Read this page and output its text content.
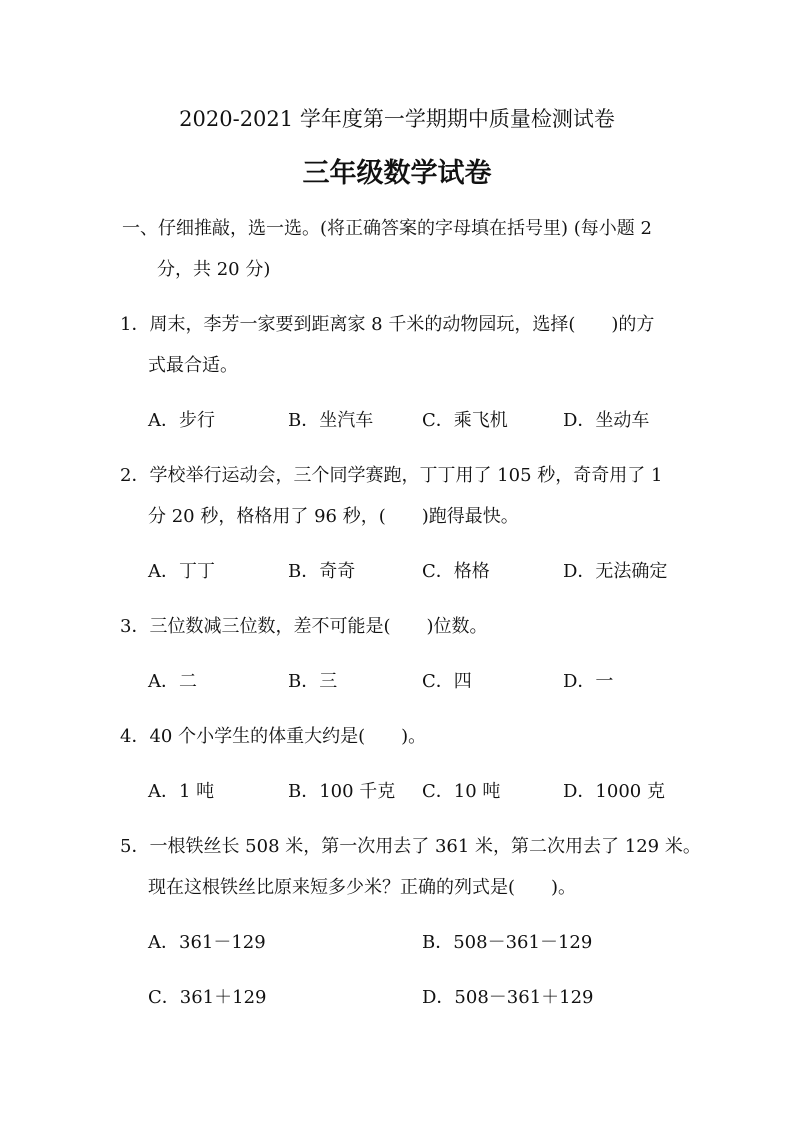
2020-2021 学年度第一学期期中质量检测试卷
三年级数学试卷
一、仔细推敲，选一选。(将正确答案的字母填在括号里) (每小题 2
分，共 20 分)
1．周末，李芳一家要到距离家 8 千米的动物园玩，选择(　　)的方
式最合适。
A．步行	B．坐汽车	C．乘飞机	D．坐动车
2．学校举行运动会，三个同学赛跑，丁丁用了 105 秒，奇奇用了 1
分 20 秒，格格用了 96 秒，(　　)跑得最快。
A．丁丁	B．奇奇	C．格格	D．无法确定
3．三位数减三位数，差不可能是(　　)位数。
A．二	B．三	C．四	D．一
4．40 个小学生的体重大约是(　　)。
A．1 吨	B．100 千克 C．10 吨	D．1000 克
5．一根铁丝长 508 米，第一次用去了 361 米，第二次用去了 129 米。
现在这根铁丝比原来短多少米？正确的列式是(　　)。
A．361－129	B．508－361－129
C．361＋129	D．508－361＋129
